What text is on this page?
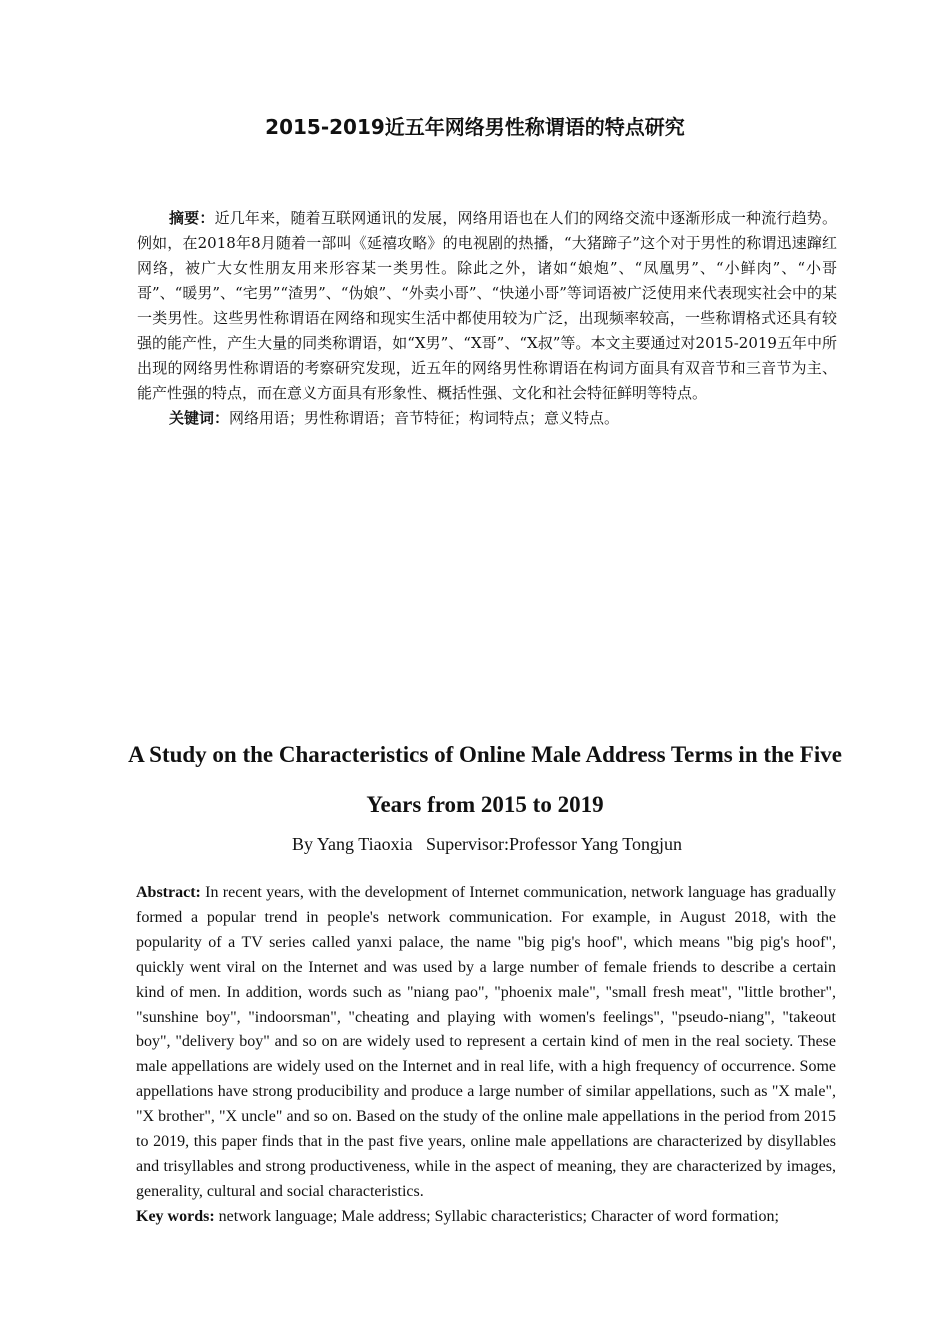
2015-2019近五年网络男性称谓语的特点研究

摘要：近几年来，随着互联网通讯的发展，网络用语也在人们的网络交流中逐渐形成一种流行趋势。例如，在2018年8月随着一部叫《延禧攻略》的电视剧的热播，“大猪蹄子”这个对于男性的称谓迅速蹿红网络，被广大女性朋友用来形容某一类男性。除此之外，诸如“娘炮”、“凤凰男”、“小鲜肉”、“小哥哥”、“暖男”、“宅男”“渣男”、“伪娘”、“外卖小哥”、“快递小哥”等词语被广泛使用来代表现实社会中的某一类男性。这些男性称谓语在网络和现实生活中都使用较为广泛，出现频率较高，一些称谓格式还具有较强的能产性，产生大量的同类称谓语，如“X男”、“X哥”、“X叔”等。本文主要通过对2015-2019五年中所出现的网络男性称谓语的考察研究发现，近五年的网络男性称谓语在构词方面具有双音节和三音节为主、能产性强的特点，而在意义方面具有形象性、概括性强、文化和社会特征鲜明等特点。

关键词：网络用语；男性称谓语；音节特征；构词特点；意义特点。

A Study on the Characteristics of Online Male Address Terms in the Five Years from 2015 to 2019
By Yang Tiaoxia   Supervisor:Professor Yang Tongjun

Abstract: In recent years, with the development of Internet communication, network language has gradually formed a popular trend in people's network communication. For example, in August 2018, with the popularity of a TV series called yanxi palace, the name "big pig's hoof", which means "big pig's hoof", quickly went viral on the Internet and was used by a large number of female friends to describe a certain kind of men. In addition, words such as "niang pao", "phoenix male", "small fresh meat", "little brother", "sunshine boy", "indoorsman", "cheating and playing with women's feelings", "pseudo-niang", "takeout boy", "delivery boy" and so on are widely used to represent a certain kind of men in the real society. These male appellations are widely used on the Internet and in real life, with a high frequency of occurrence. Some appellations have strong producibility and produce a large number of similar appellations, such as "X male", "X brother", "X uncle" and so on. Based on the study of the online male appellations in the period from 2015 to 2019, this paper finds that in the past five years, online male appellations are characterized by disyllables and trisyllables and strong productiveness, while in the aspect of meaning, they are characterized by images, generality, cultural and social characteristics.

Key words: network language; Male address; Syllabic characteristics; Character of word formation;
